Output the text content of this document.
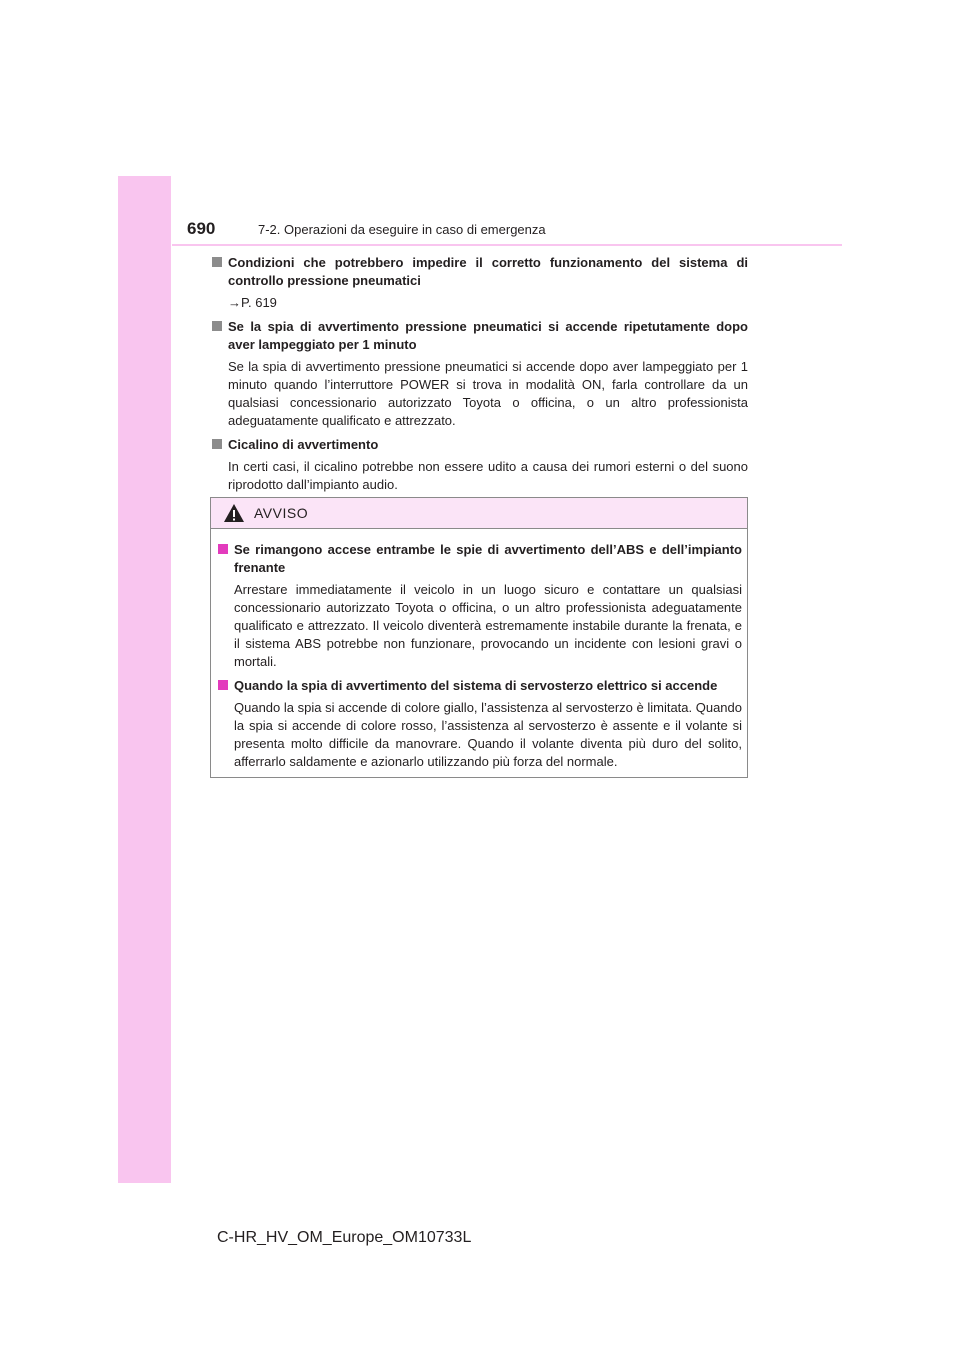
690	7-2. Operazioni da eseguire in caso di emergenza
Condizioni che potrebbero impedire il corretto funzionamento del sistema di controllo pressione pneumatici
→P. 619
Se la spia di avvertimento pressione pneumatici si accende ripetutamente dopo aver lampeggiato per 1 minuto
Se la spia di avvertimento pressione pneumatici si accende dopo aver lampeggiato per 1 minuto quando l’interruttore POWER si trova in modalità ON, farla controllare da un qualsiasi concessionario autorizzato Toyota o officina, o un altro professionista adeguatamente qualificato e attrezzato.
Cicalino di avvertimento
In certi casi, il cicalino potrebbe non essere udito a causa dei rumori esterni o del suono riprodotto dall’impianto audio.
AVVISO
Se rimangono accese entrambe le spie di avvertimento dell’ABS e dell’impianto frenante
Arrestare immediatamente il veicolo in un luogo sicuro e contattare un qualsiasi concessionario autorizzato Toyota o officina, o un altro professionista adeguatamente qualificato e attrezzato. Il veicolo diventerà estremamente instabile durante la frenata, e il sistema ABS potrebbe non funzionare, provocando un incidente con lesioni gravi o mortali.
Quando la spia di avvertimento del sistema di servosterzo elettrico si accende
Quando la spia si accende di colore giallo, l’assistenza al servosterzo è limitata. Quando la spia si accende di colore rosso, l’assistenza al servosterzo è assente e il volante si presenta molto difficile da manovrare. Quando il volante diventa più duro del solito, afferrarlo saldamente e azionarlo utilizzando più forza del normale.
C-HR_HV_OM_Europe_OM10733L
